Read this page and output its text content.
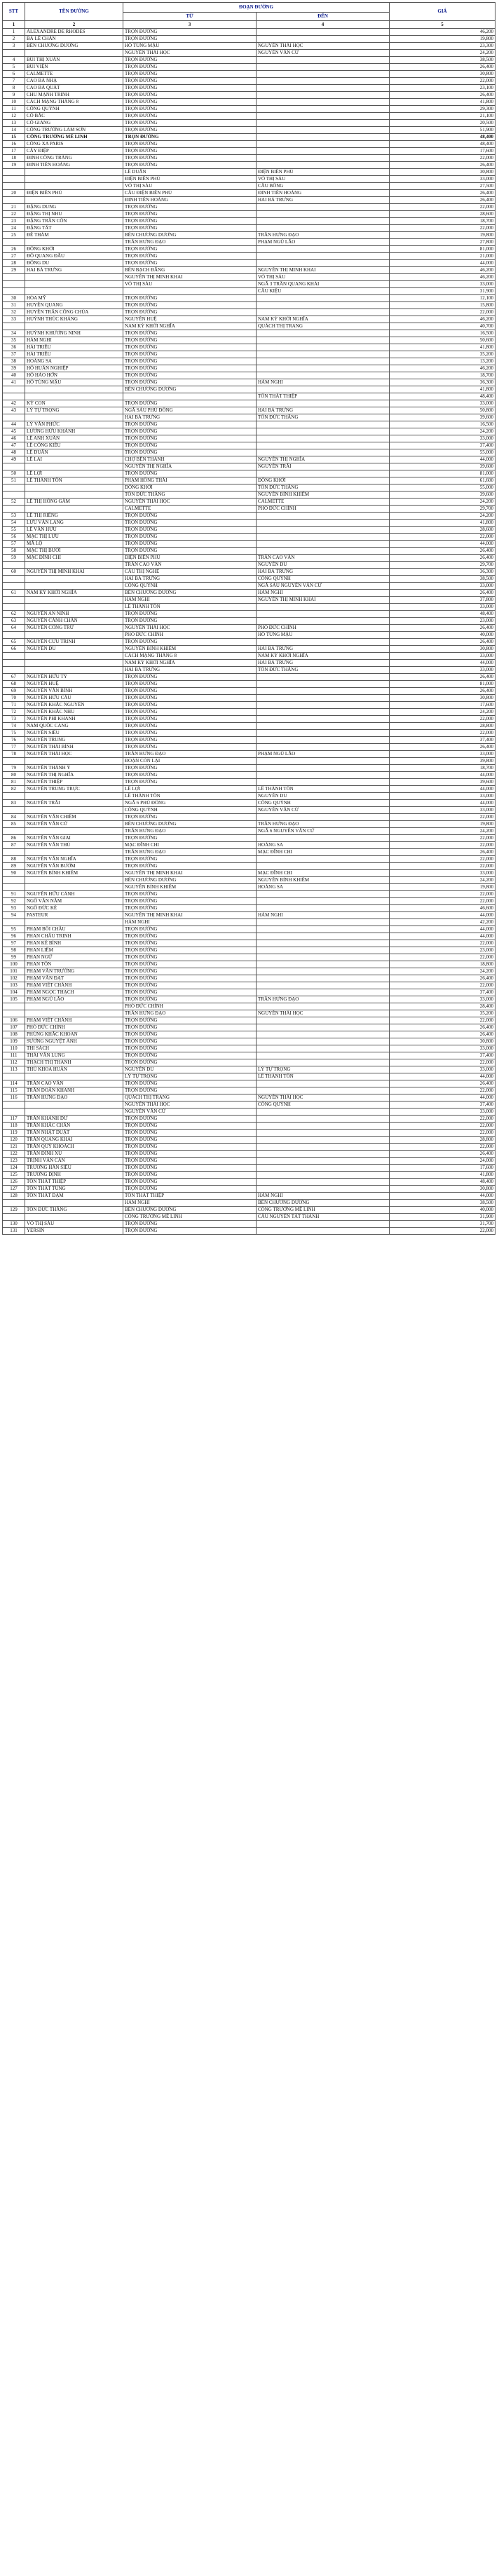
STT	TÊN ĐƯỜNG	ĐOẠN ĐƯỜNG		GIÁ
		TỪ	ĐẾN	
1	2	3	4	5
1	ALEXANDRE DE RHODES	TRỌN ĐƯỜNG		46,200
2	BÀ LÊ CHÂN	TRỌN ĐƯỜNG		19,800
3	BẾN CHƯƠNG DƯƠNG	HỒ TÙNG MẬU	NGUYỄN THÁI HỌC	23,300
		NGUYỄN THÁI HỌC	NGUYỄN VĂN CỪ	24,200
4	BÙI THỊ XUÂN	TRỌN ĐƯỜNG		38,500
5	BÙI VIỆN	TRỌN ĐƯỜNG		26,400
6	CALMETTE	TRỌN ĐƯỜNG		30,800
7	CAO BÁ NHẠ	TRỌN ĐƯỜNG		22,000
8	CAO BÁ QUÁT	TRỌN ĐƯỜNG		23,100
9	CHU MẠNH TRINH	TRỌN ĐƯỜNG		26,400
10	CÁCH MẠNG THÁNG 8	TRỌN ĐƯỜNG		41,800
11	CÔNG QUỲNH	TRỌN ĐƯỜNG		29,300
12	CÔ BẮC	TRỌN ĐƯỜNG		21,100
13	CÔ GIANG	TRỌN ĐƯỜNG		20,500
14	CÔNG TRƯỜNG LAM SƠN	TRỌN ĐƯỜNG		51,900
15	CÔNG TRƯỜNG MÊ LINH	TRỌN ĐƯỜNG		48,400
16	CỐNG XA PARIS	TRỌN ĐƯỜNG		48,400
17	CÂY ĐIỆP	TRỌN ĐƯỜNG		17,600
18	ĐINH CÔNG TRÁNG	TRỌN ĐƯỜNG		22,000
19	ĐINH TIÊN HOÀNG	TRỌN ĐƯỜNG		26,400
		LÊ DUẨN	ĐIỆN BIÊN PHỦ	30,800
		ĐIỆN BIÊN PHỦ	VÕ THỊ SÁU	33,000
		VÕ THỊ SÁU	CẦU BÔNG	27,500
20	ĐIỆN BIÊN PHỦ	CẦU ĐIỆN BIÊN PHỦ	ĐINH TIÊN HOÀNG	26,400
		ĐINH TIÊN HOÀNG	HAI BÀ TRƯNG	26,400
21	ĐẶNG DUNG	TRỌN ĐƯỜNG		22,000
22	ĐẶNG THỊ NHU	TRỌN ĐƯỜNG		28,600
23	ĐẶNG TRẦN CÔN	TRỌN ĐƯỜNG		18,700
24	ĐẶNG TẤT	TRỌN ĐƯỜNG		22,000
25	ĐỀ THÁM	BẾN CHƯƠNG DƯƠNG	TRẦN HƯNG ĐẠO	19,800
		TRẦN HƯNG ĐẠO	PHẠM NGŨ LÃO	27,800
26	ĐỒNG KHỞI	TRỌN ĐƯỜNG		81,000
27	ĐỖ QUANG ĐẨU	TRỌN ĐƯỜNG		21,000
28	ĐÔNG DU	TRỌN ĐƯỜNG		44,000
29	HAI BÀ TRƯNG	BẾN BẠCH ĐẰNG	NGUYỄN THỊ MINH KHAI	46,200
		NGUYỄN THỊ MINH KHAI	VÕ THỊ SÁU	46,200
		VÕ THỊ SÁU	NGÃ 3 TRẦN QUANG KHẢI	33,000
			CẦU KIỆU	31,900
30	HÒA MỸ	TRỌN ĐƯỜNG		12,100
31	HUYỀN QUANG	TRỌN ĐƯỜNG		15,800
32	HUYỀN TRÂN CÔNG CHÚA	TRỌN ĐƯỜNG		22,000
33	HUỲNH THÚC KHÁNG	NGUYỄN HUỆ	NAM KỲ KHỞI NGHĨA	46,200
		NAM KỲ KHỞI NGHĨA	QUÁCH THỊ TRANG	40,700
34	HUỲNH KHƯƠNG NINH	TRỌN ĐƯỜNG		16,500
35	HÀM NGHI	TRỌN ĐƯỜNG		50,600
36	HẢI TRIỀU	TRỌN ĐƯỜNG		41,800
37	HẢI TRIỀU	TRỌN ĐƯỜNG		35,200
38	HOÀNG SA	TRỌN ĐƯỜNG		13,200
39	HỒ HUẤN NGHIỆP	TRỌN ĐƯỜNG		46,200
40	HỒ HẢO HỚN	TRỌN ĐƯỜNG		18,700
41	HỒ TÙNG MẬU	TRỌN ĐƯỜNG	HÀM NGHI	36,300
		BẾN CHƯƠNG DƯƠNG		41,800
			TÔN THẤT THIỆP	48,400
42	KÝ CON	TRỌN ĐƯỜNG		33,000
43	LÝ TỰ TRỌNG	NGÃ SÁU PHÙ ĐỔNG	HAI BÀ TRƯNG	50,800
		HAI BÀ TRƯNG	TÔN ĐỨC THẮNG	39,600
44	LÝ VĂN PHỨC	TRỌN ĐƯỜNG		16,500
45	LƯƠNG HỮU KHÁNH	TRỌN ĐƯỜNG		24,200
46	LÊ ANH XUÂN	TRỌN ĐƯỜNG		33,000
47	LÊ CÔNG KIỀU	TRỌN ĐƯỜNG		37,400
48	LÊ DUẨN	TRỌN ĐƯỜNG		55,000
49	LÊ LAI	CHỢ BẾN THÀNH	NGUYỄN THỊ NGHĨA	44,000
		NGUYỄN THỊ NGHĨA	NGUYỄN TRÃI	39,600
50	LÊ LỢI	TRỌN ĐƯỜNG		81,000
51	LÊ THÁNH TÔN	PHẠM HỒNG THÁI	ĐỒNG KHỞI	61,600
		ĐỒNG KHỞI	TÔN ĐỨC THẮNG	55,000
		TÔN ĐỨC THẮNG	NGUYỄN BỈNH KHIÊM	39,600
52	LÊ THỊ HỒNG GẤM	NGUYỄN THÁI HỌC	CALMETTE	24,200
		CALMETTE	PHÓ ĐỨC CHÍNH	29,700
53	LÊ THỊ RIÊNG	TRỌN ĐƯỜNG		24,200
54	LƯU VĂN LANG	TRỌN ĐƯỜNG		41,800
55	LÊ VĂN HƯU	TRỌN ĐƯỜNG		28,600
56	MẠC THỊ LƯU	TRỌN ĐƯỜNG		22,000
57	MÃ LỘ	TRỌN ĐƯỜNG		44,000
58	MẠC THỊ BƯỞI	TRỌN ĐƯỜNG		26,400
59	MẠC ĐĨNH CHI	ĐIỆN BIÊN PHỦ	TRẦN CAO VÂN	26,400
		TRẦN CAO VÂN	NGUYỄN DU	29,700
60	NGUYỄN THỊ MINH KHAI	CẦU THỊ NGHÈ	HAI BÀ TRƯNG	36,300
		HAI BÀ TRƯNG	CỐNG QUỲNH	38,500
		CỐNG QUỲNH	NGÃ SÁU NGUYỄN VĂN CỪ	33,000
61	NAM KỲ KHỞI NGHĨA	BẾN CHƯƠNG DƯƠNG	HÀM NGHI	26,400
		HÀM NGHI	NGUYỄN THỊ MINH KHAI	37,800
		LÊ THÁNH TÔN		33,000
62	NGUYỄN AN NINH	TRỌN ĐƯỜNG		48,400
63	NGUYỄN CẢNH CHÂN	TRỌN ĐƯỜNG		23,000
64	NGUYỄN CÔNG TRỨ	NGUYỄN THÁI HỌC	PHÓ ĐỨC CHÍNH	26,400
		PHÓ ĐỨC CHÍNH	HỒ TÙNG MẬU	40,000
65	NGUYỄN CỬU TRINH	TRỌN ĐƯỜNG		26,400
66	NGUYỄN DU	NGUYỄN BỈNH KHIÊM	HAI BÀ TRƯNG	30,800
		CÁCH MẠNG THÁNG 8	NAM KỲ KHỞI NGHĨA	33,000
		NAM KỲ KHỞI NGHĨA	HAI BÀ TRƯNG	44,000
		HAI BÀ TRƯNG	TÔN ĐỨC THẮNG	33,000
67	NGUYỄN HỮU TÝ	TRỌN ĐƯỜNG		26,400
68	NGUYỄN HUỆ	TRỌN ĐƯỜNG		81,000
69	NGUYỄN VĂN BÌNH	TRỌN ĐƯỜNG		26,400
70	NGUYỄN HỮU CẦU	TRỌN ĐƯỜNG		30,800
71	NGUYỄN KHẮC NGUYÊN	TRỌN ĐƯỜNG		17,600
72	NGUYỄN KHẮC NHU	TRỌN ĐƯỜNG		24,200
73	NGUYỄN PHI KHANH	TRỌN ĐƯỜNG		22,000
74	NAM QUỐC CANG	TRỌN ĐƯỜNG		28,800
75	NGUYỄN SIÊU	TRỌN ĐƯỜNG		22,000
76	NGUYỄN TRUNG	TRỌN ĐƯỜNG		37,400
77	NGUYỄN THÁI BÌNH	TRỌN ĐƯỜNG		26,400
78	NGUYỄN THÁI HỌC	TRẦN HƯNG ĐẠO	PHẠM NGŨ LÃO	33,000
		ĐOẠN CÒN LẠI		39,800
79	NGUYỄN THÀNH Ý	TRỌN ĐƯỜNG		18,700
80	NGUYỄN THỊ NGHĨA	TRỌN ĐƯỜNG		44,000
81	NGUYỄN THIỆP	TRỌN ĐƯỜNG		39,600
82	NGUYỄN TRUNG TRỰC	LÊ LỢI	LÊ THÁNH TÔN	44,000
		LÊ THÁNH TÔN	NGUYỄN DU	33,000
83	NGUYỄN TRÃI	NGÃ 6 PHÙ ĐỔNG	CỐNG QUỲNH	44,000
		CỐNG QUỲNH	NGUYỄN VĂN CỪ	33,000
84	NGUYỄN VĂN CHIÊM	TRỌN ĐƯỜNG		22,000
85	NGUYỄN VĂN CỪ	BẾN CHƯƠNG DƯƠNG	TRẦN HƯNG ĐẠO	19,800
		TRẦN HƯNG ĐẠO	NGÃ 6 NGUYỄN VĂN CỪ	24,200
86	NGUYỄN VĂN GIAI	TRỌN ĐƯỜNG		22,000
87	NGUYỄN VĂN THỦ	MẠC ĐĨNH CHI	HOÀNG SA	22,000
		TRẦN HƯNG ĐẠO	MẠC ĐĨNH CHI	26,400
88	NGUYỄN VĂN NGHĨA	TRỌN ĐƯỜNG		22,000
89	NGUYỄN VĂN BƯỚM	TRỌN ĐƯỜNG		22,000
90	NGUYỄN BỈNH KHIÊM	NGUYỄN THỊ MINH KHAI	MẠC ĐĨNH CHI	33,000
		BẾN CHƯƠNG DƯƠNG	NGUYỄN BỈNH KHIÊM	24,200
		NGUYỄN BỈNH KHIÊM	HOÀNG SA	19,800
91	NGUYỄN HỮU CẢNH	TRỌN ĐƯỜNG		22,000
92	NGÔ VĂN NĂM	TRỌN ĐƯỜNG		22,000
93	NGÔ ĐỨC KẾ	TRỌN ĐƯỜNG		46,600
94	PASTEUR	NGUYỄN THỊ MINH KHAI	HÀM NGHI	44,000
		HÀM NGHI		42,200
95	PHẠM BỒI CHÂU	TRỌN ĐƯỜNG		44,000
96	PHAN CHÂU TRINH	TRỌN ĐƯỜNG		44,000
97	PHAN KẾ BÍNH	TRỌN ĐƯỜNG		22,000
98	PHAN LIÊM	TRỌN ĐƯỜNG		23,000
99	PHAN NGỮ	TRỌN ĐƯỜNG		22,000
100	PHAN TÔN	TRỌN ĐƯỜNG		18,800
101	PHẠM VĂN TRƯỜNG	TRỌN ĐƯỜNG		24,200
102	PHẠM VĂN ĐẠT	TRỌN ĐƯỜNG		26,400
103	PHẠM VIẾT CHÁNH	TRỌN ĐƯỜNG		22,000
104	PHẠM NGỌC THẠCH	TRỌN ĐƯỜNG		37,400
105	PHẠM NGŨ LÃO	TRỌN ĐƯỜNG	TRẦN HƯNG ĐẠO	33,000
		PHÓ ĐỨC CHÍNH		28,400
		TRẦN HƯNG ĐẠO	NGUYỄN THÁI HỌC	35,200
106	PHẠM VIẾT CHÁNH	TRỌN ĐƯỜNG		22,000
107	PHÓ ĐỨC CHÍNH	TRỌN ĐƯỜNG		26,400
108	PHÙNG KHẮC KHOAN	TRỌN ĐƯỜNG		26,400
109	SƯƠNG NGUYỆT ÁNH	TRỌN ĐƯỜNG		30,800
110	THI SÁCH	TRỌN ĐƯỜNG		33,000
111	THÁI VĂN LUNG	TRỌN ĐƯỜNG		37,400
112	THẠCH THỊ THANH	TRỌN ĐƯỜNG		22,000
113	THỦ KHOA HUÂN	NGUYỄN DU	LÝ TỰ TRỌNG	33,000
		LÝ TỰ TRỌNG	LÊ THÁNH TÔN	44,000
114	TRẦN CAO VÂN	TRỌN ĐƯỜNG		26,400
115	TRẦN DOÃN KHANH	TRỌN ĐƯỜNG		22,000
116	TRẦN HƯNG ĐẠO	QUÁCH THỊ TRANG	NGUYỄN THÁI HỌC	44,000
		NGUYỄN THÁI HỌC	CỐNG QUỲNH	37,400
		NGUYỄN VĂN CỪ		33,000
117	TRẦN KHÁNH DƯ	TRỌN ĐƯỜNG		22,000
118	TRẦN KHẮC CHÂN	TRỌN ĐƯỜNG		22,000
119	TRẦN NHẬT DUẬT	TRỌN ĐƯỜNG		22,000
120	TRẦN QUANG KHẢI	TRỌN ĐƯỜNG		28,800
121	TRẦN QUÝ KHOÁCH	TRỌN ĐƯỜNG		22,000
122	TRẦN ĐÌNH XU	TRỌN ĐƯỜNG		26,400
123	TRỊNH VĂN CẤN	TRỌN ĐƯỜNG		24,000
124	TRƯƠNG HÁN SIÊU	TRỌN ĐƯỜNG		17,600
125	TRƯƠNG ĐỊNH	TRỌN ĐƯỜNG		41,800
126	TÔN THẤT THIỆP	TRỌN ĐƯỜNG		48,400
127	TÔN THẤT TÙNG	TRỌN ĐƯỜNG		30,800
128	TÔN THẤT ĐẠM	TÔN THẤT THIỆP	HÀM NGHI	44,000
		HÀM NGHI	BẾN CHƯƠNG DƯƠNG	38,500
129	TÔN ĐỨC THẮNG	BẾN CHƯƠNG DƯƠNG	CÔNG TRƯỜNG MÊ LINH	40,000
		CÔNG TRƯỜNG MÊ LINH	CẦU NGUYỄN TẤT THÀNH	31,900
130	VÕ THỊ SÁU	TRỌN ĐƯỜNG		31,700
131	YERSIN	TRỌN ĐƯỜNG		22,000
